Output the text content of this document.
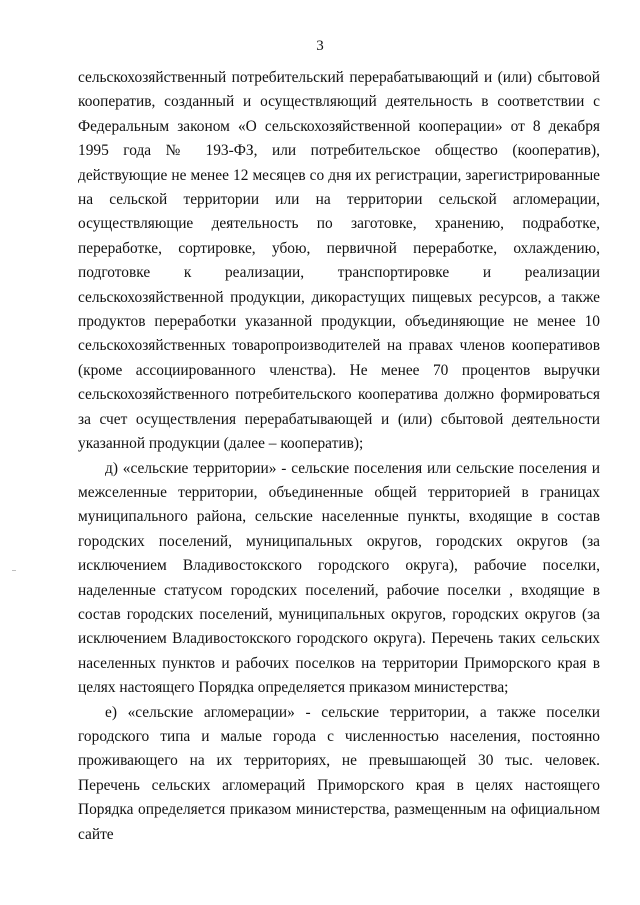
3

сельскохозяйственный потребительский перерабатывающий и (или) сбытовой кооператив, созданный и осуществляющий деятельность в соответствии с Федеральным законом «О сельскохозяйственной кооперации» от 8 декабря 1995 года № 193-ФЗ, или потребительское общество (кооператив), действующие не менее 12 месяцев со дня их регистрации, зарегистрированные на сельской территории или на территории сельской агломерации, осуществляющие деятельность по заготовке, хранению, подработке, переработке, сортировке, убою, первичной переработке, охлаждению, подготовке к реализации, транспортировке и реализации сельскохозяйственной продукции, дикорастущих пищевых ресурсов, а также продуктов переработки указанной продукции, объединяющие не менее 10 сельскохозяйственных товаропроизводителей на правах членов кооперативов (кроме ассоциированного членства). Не менее 70 процентов выручки сельскохозяйственного потребительского кооператива должно формироваться за счет осуществления перерабатывающей и (или) сбытовой деятельности указанной продукции (далее – кооператив);

д) «сельские территории» - сельские поселения или сельские поселения и межселенные территории, объединенные общей территорией в границах муниципального района, сельские населенные пункты, входящие в состав городских поселений, муниципальных округов, городских округов (за исключением Владивостокского городского округа), рабочие поселки, наделенные статусом городских поселений, рабочие поселки , входящие в состав городских поселений, муниципальных округов, городских округов (за исключением Владивостокского городского округа). Перечень таких сельских населенных пунктов и рабочих поселков на территории Приморского края в целях настоящего Порядка определяется приказом министерства;

е) «сельские агломерации» - сельские территории, а также поселки городского типа и малые города с численностью населения, постоянно проживающего на их территориях, не превышающей 30 тыс. человек. Перечень сельских агломераций Приморского края в целях настоящего Порядка определяется приказом министерства, размещенным на официальном сайте
